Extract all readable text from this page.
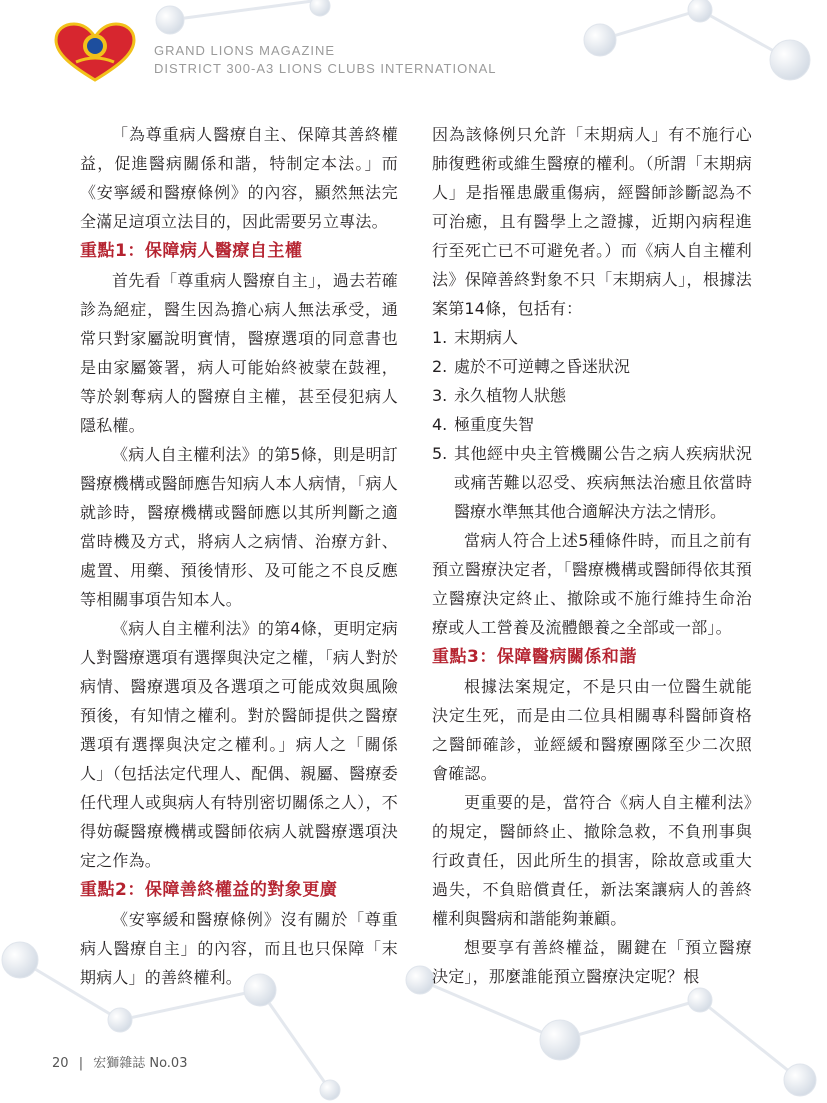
GRAND LIONS MAGAZINE
DISTRICT 300-A3 LIONS CLUBS INTERNATIONAL

「為尊重病人醫療自主、保障其善終權益，促進醫病關係和諧，特制定本法。」而《安寧緩和醫療條例》的內容，顯然無法完全滿足這項立法目的，因此需要另立專法。

重點1：保障病人醫療自主權

首先看「尊重病人醫療自主」，過去若確診為絕症，醫生因為擔心病人無法承受，通常只對家屬說明實情，醫療選項的同意書也是由家屬簽署，病人可能始終被蒙在鼓裡，等於剝奪病人的醫療自主權，甚至侵犯病人隱私權。

《病人自主權利法》的第5條，則是明訂醫療機構或醫師應告知病人本人病情，「病人就診時，醫療機構或醫師應以其所判斷之適當時機及方式，將病人之病情、治療方針、處置、用藥、預後情形、及可能之不良反應等相關事項告知本人。

《病人自主權利法》的第4條，更明定病人對醫療選項有選擇與決定之權，「病人對於病情、醫療選項及各選項之可能成效與風險預後，有知情之權利。對於醫師提供之醫療選項有選擇與決定之權利。」病人之「關係人」（包括法定代理人、配偶、親屬、醫療委任代理人或與病人有特別密切關係之人），不得妨礙醫療機構或醫師依病人就醫療選項決定之作為。

重點2：保障善終權益的對象更廣

《安寧緩和醫療條例》沒有關於「尊重病人醫療自主」的內容，而且也只保障「末期病人」的善終權利。

因為該條例只允許「末期病人」有不施行心肺復甦術或維生醫療的權利。（所謂「末期病人」是指罹患嚴重傷病，經醫師診斷認為不可治癒，且有醫學上之證據，近期內病程進行至死亡已不可避免者。）而《病人自主權利法》保障善終對象不只「末期病人」，根據法案第14條，包括有：

1. 末期病人
2. 處於不可逆轉之昏迷狀況
3. 永久植物人狀態
4. 極重度失智
5. 其他經中央主管機關公告之病人疾病狀況或痛苦難以忍受、疾病無法治癒且依當時醫療水準無其他合適解決方法之情形。

當病人符合上述5種條件時，而且之前有預立醫療決定者，「醫療機構或醫師得依其預立醫療決定終止、撤除或不施行維持生命治療或人工營養及流體餵養之全部或一部」。

重點3：保障醫病關係和諧

根據法案規定，不是只由一位醫生就能決定生死，而是由二位具相關專科醫師資格之醫師確診，並經緩和醫療團隊至少二次照會確認。

更重要的是，當符合《病人自主權利法》的規定，醫師終止、撤除急救，不負刑事與行政責任，因此所生的損害，除故意或重大過失，不負賠償責任，新法案讓病人的善終權利與醫病和諧能夠兼顧。

想要享有善終權益，關鍵在「預立醫療決定」，那麼誰能預立醫療決定呢？根

20 | 宏獅雜誌 No.03
